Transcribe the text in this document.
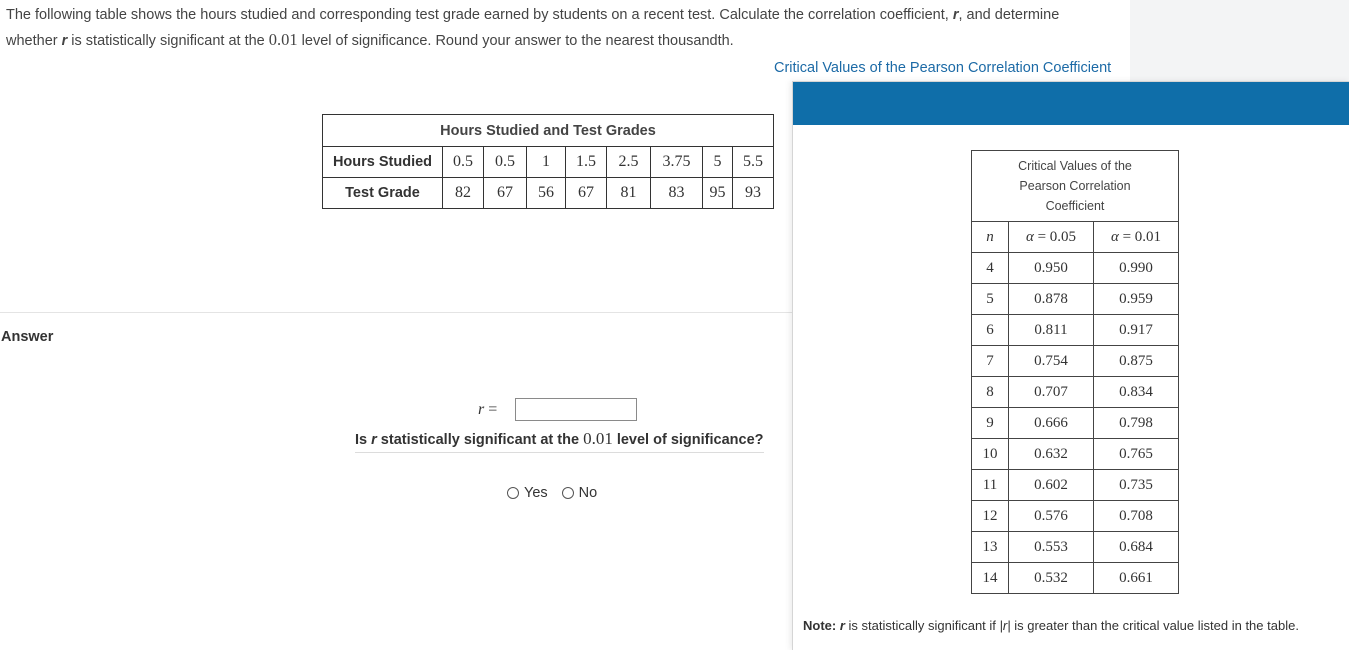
The following table shows the hours studied and corresponding test grade earned by students on a recent test. Calculate the correlation coefficient, r, and determine
whether r is statistically significant at the 0.01 level of significance. Round your answer to the nearest thousandth.
Critical Values of the Pearson Correlation Coefficient
Hours Studied and Test Grades								
Hours Studied	0.5	0.5	1	1.5	2.5	3.75	5	5.5
Test Grade	82	67	56	67	81	83	95	93
Answer
r =
Is r statistically significant at the 0.01 level of significance?
Yes No
Critical Values of the
Pearson Correlation
Coefficient		

n	α = 0.05	α = 0.01
4	0.950	0.990
5	0.878	0.959
6	0.811	0.917
7	0.754	0.875
8	0.707	0.834
9	0.666	0.798
10	0.632	0.765
11	0.602	0.735
12	0.576	0.708
13	0.553	0.684
14	0.532	0.661
Note: r is statistically significant if |r| is greater than the critical value listed in the table.
